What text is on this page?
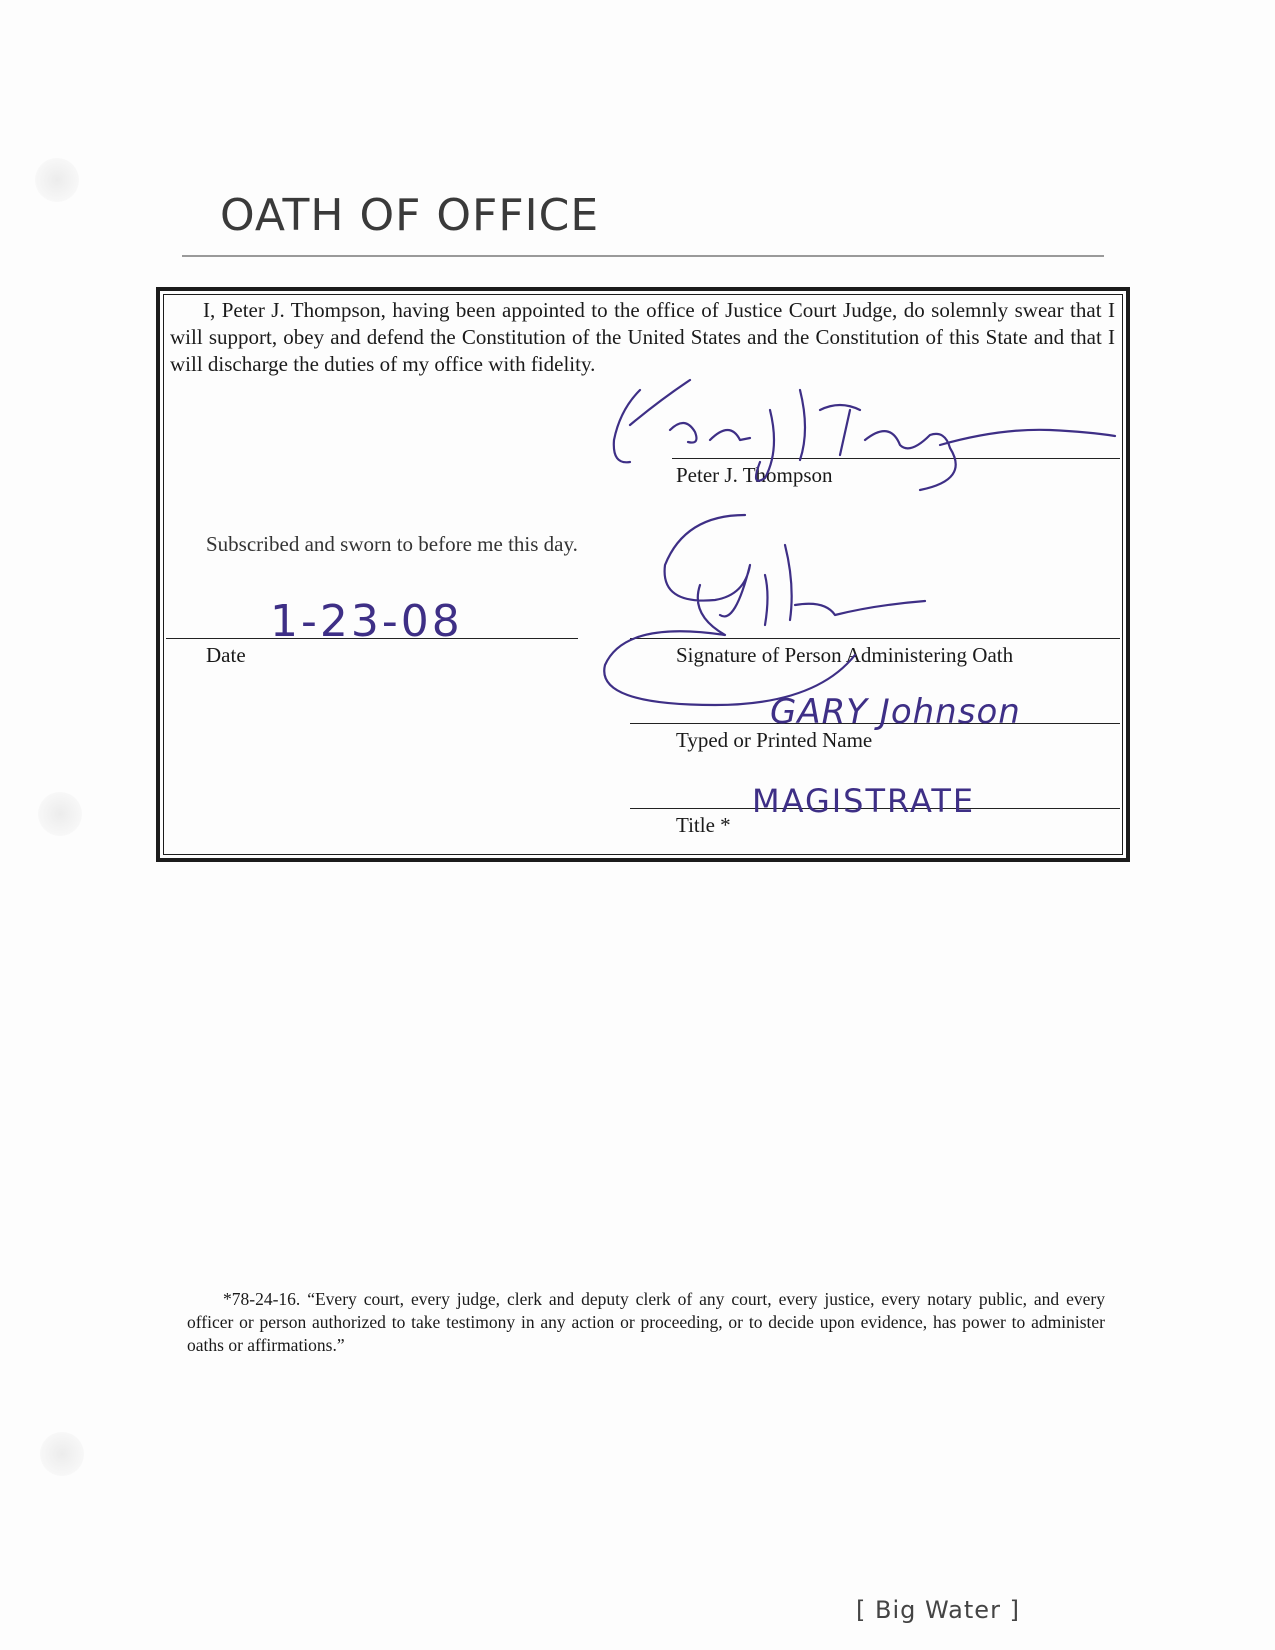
OATH OF OFFICE

I, Peter J. Thompson, having been appointed to the office of Justice Court Judge, do solemnly swear that I will support, obey and defend the Constitution of the United States and the Constitution of this State and that I will discharge the duties of my office with fidelity.

Peter J. Thompson
Subscribed and sworn to before me this day.
Date
1-23-08
Signature of Person Administering Oath
Typed or Printed Name
GARY Johnson
Title *
MAGISTRATE

*78-24-16. “Every court, every judge, clerk and deputy clerk of any court, every justice, every notary public, and every officer or person authorized to take testimony in any action or proceeding, or to decide upon evidence, has power to administer oaths or affirmations.”

[ Big Water ]
